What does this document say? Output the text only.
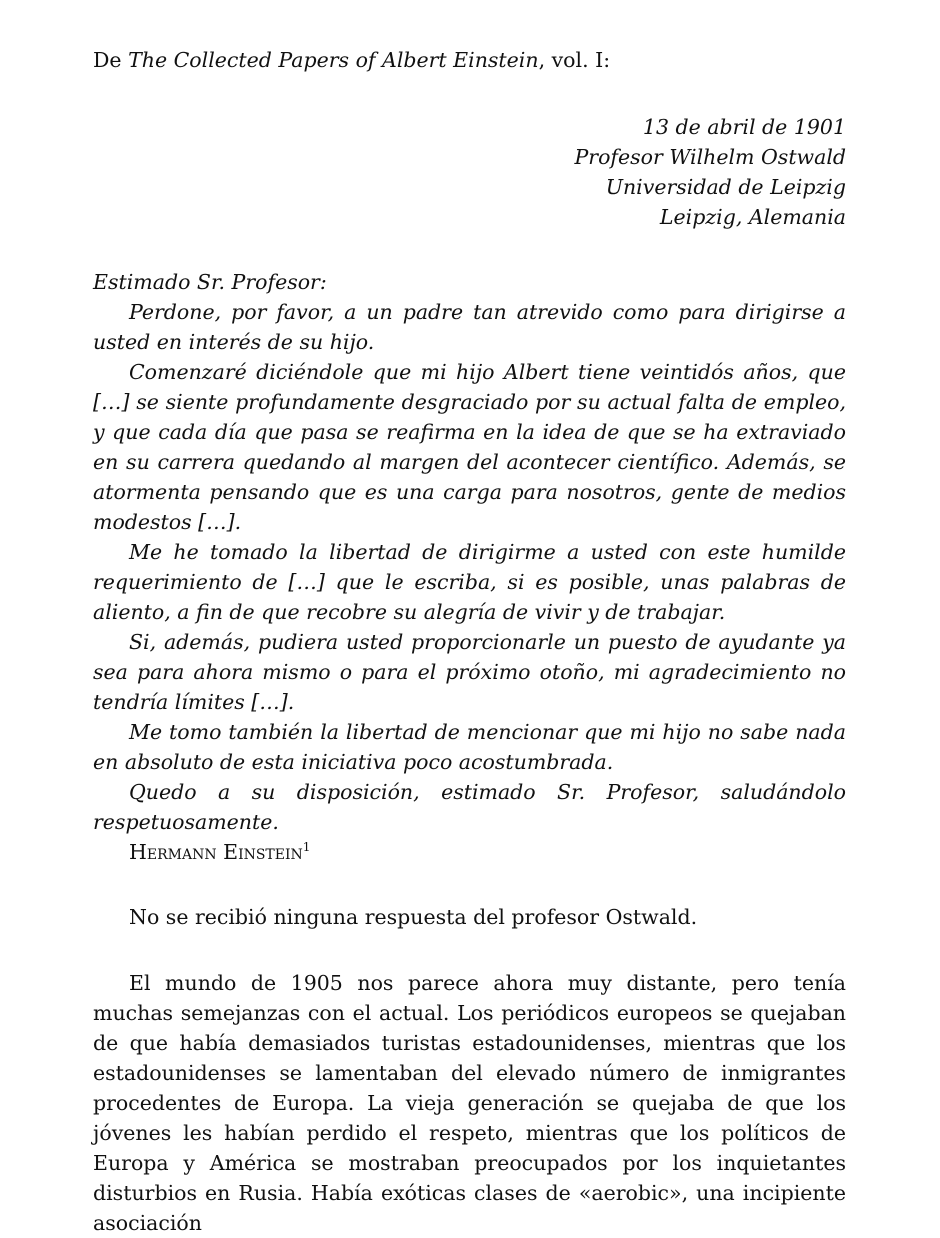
De The Collected Papers of Albert Einstein, vol. I:

13 de abril de 1901
Profesor Wilhelm Ostwald
Universidad de Leipzig
Leipzig, Alemania

Estimado Sr. Profesor:

Perdone, por favor, a un padre tan atrevido como para dirigirse a usted en interés de su hijo.

Comenzaré diciéndole que mi hijo Albert tiene veintidós años, que […] se siente profundamente desgraciado por su actual falta de empleo, y que cada día que pasa se reafirma en la idea de que se ha extraviado en su carrera quedando al margen del acontecer científico. Además, se atormenta pensando que es una carga para nosotros, gente de medios modestos […].

Me he tomado la libertad de dirigirme a usted con este humilde requerimiento de […] que le escriba, si es posible, unas palabras de aliento, a fin de que recobre su alegría de vivir y de trabajar.

Si, además, pudiera usted proporcionarle un puesto de ayudante ya sea para ahora mismo o para el próximo otoño, mi agradecimiento no tendría límites […].

Me tomo también la libertad de mencionar que mi hijo no sabe nada en absoluto de esta iniciativa poco acostumbrada.

Quedo a su disposición, estimado Sr. Profesor, saludándolo respetuosamente.

Hermann Einstein$^1$

No se recibió ninguna respuesta del profesor Ostwald.

El mundo de 1905 nos parece ahora muy distante, pero tenía muchas semejanzas con el actual. Los periódicos europeos se quejaban de que había demasiados turistas estadounidenses, mientras que los estadounidenses se lamentaban del elevado número de inmigrantes procedentes de Europa. La vieja generación se quejaba de que los jóvenes les habían perdido el respeto, mientras que los políticos de Europa y América se mostraban preocupados por los inquietantes disturbios en Rusia. Había exóticas clases de «aerobic», una incipiente asociación
